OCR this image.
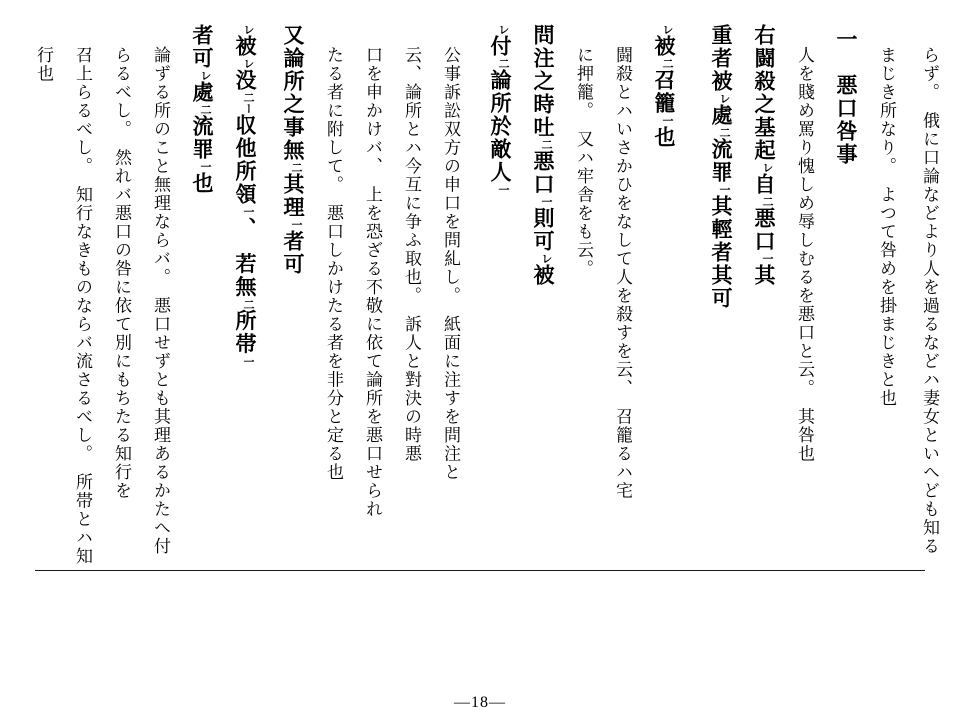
らず。　俄に口論などより人を過るなどハ妻女といへども知る
まじき所なり。　よつて咎めを掛まじきと也
一　悪口咎事
人を賤め罵り愧しめ辱しむるを悪口と云。　其咎也
右闘殺之基起レ自二悪口一其
重者被レ處二流罪一其輕者其可
レ被二召籠一也
闘殺とハいさかひをなして人を殺すを云、　召籠るハ宅
に押籠。　又ハ牢舎をも云。
問注之時吐二悪口一則可レ被
レ付二論所於敵人一
公事訴訟双方の申口を問糺し。　紙面に注すを問注と
云、論所とハ今互に争ふ取也。　訴人と對決の時悪
口を申かけバ、　上を恐ざる不敬に依て論所を悪口せられ
たる者に附して。　悪口しかけたる者を非分と定る也
又論所之事無二其理一者可
レ被レ没二ー収他所領一、　若無二所帯一
者可レ處二流罪一也
論ずる所のこと無理ならバ。　悪口せずとも其理あるかたへ付
らるべし。　然れバ悪口の咎に依て別にもちたる知行を
召上らるべし。　知行なきものならバ流さるべし。　所帯とハ知
行也
—18—
